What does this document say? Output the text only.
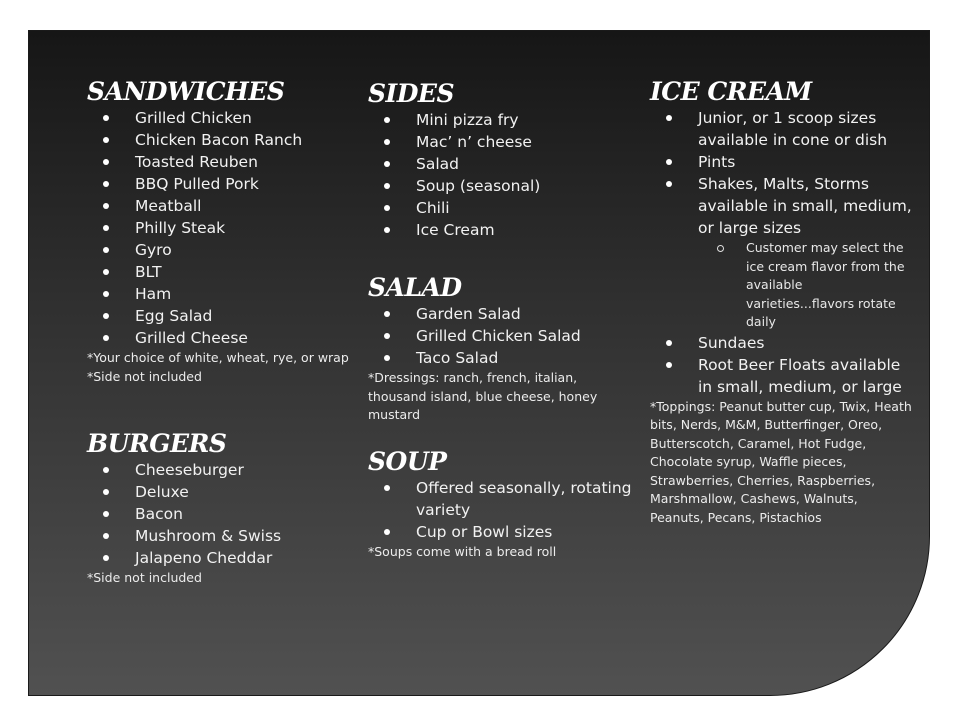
SANDWICHES
Grilled Chicken
Chicken Bacon Ranch
Toasted Reuben
BBQ Pulled Pork
Meatball
Philly Steak
Gyro
BLT
Ham
Egg Salad
Grilled Cheese

*Your choice of white, wheat, rye, or wrap

*Side not included

BURGERS
Cheeseburger
Deluxe
Bacon
Mushroom & Swiss
Jalapeno Cheddar

*Side not included

SIDES
Mini pizza fry
Mac’ n’ cheese
Salad
Soup (seasonal)
Chili
Ice Cream
SALAD
Garden Salad
Grilled Chicken Salad
Taco Salad

*Dressings: ranch, french, italian, thousand island, blue cheese, honey mustard

SOUP
Offered seasonally, rotating variety
Cup or Bowl sizes

*Soups come with a bread roll

ICE CREAM
Junior, or 1 scoop sizes available in cone or dish
Pints
Shakes, Malts, Storms available in small, medium, or large sizes
Customer may select the ice cream flavor from the available varieties...flavors rotate daily
Sundaes
Root Beer Floats available in small, medium, or large

*Toppings: Peanut butter cup, Twix, Heath bits, Nerds, M&M, Butterfinger, Oreo, Butterscotch, Caramel, Hot Fudge, Chocolate syrup, Waffle pieces, Strawberries, Cherries, Raspberries, Marshmallow, Cashews, Walnuts, Peanuts, Pecans, Pistachios
